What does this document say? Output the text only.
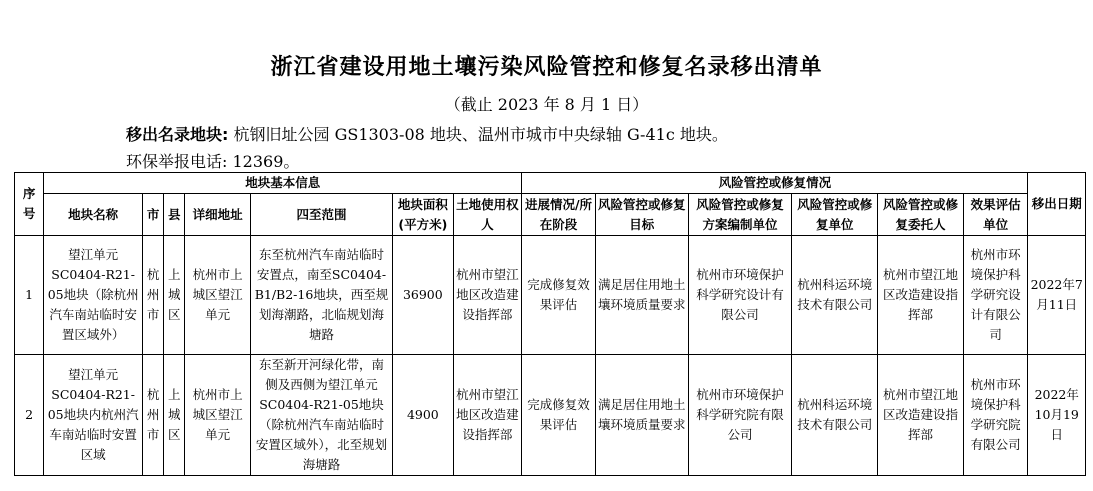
浙江省建设用地土壤污染风险管控和修复名录移出清单
（截止 2023 年 8 月 1 日）
移出名录地块: 杭钢旧址公园 GS1303-08 地块、温州市城市中央绿轴 G-41c 地块。
环保举报电话: 12369。
序号	地块基本信息							风险管控或修复情况						移出日期
	地块名称	市	县	详细地址	四至范围	地块面积(平方米)	土地使用权人	进展情况/所在阶段	风险管控或修复目标	风险管控或修复方案编制单位	风险管控或修复单位	风险管控或修复委托人	效果评估单位	
1	望江单元SC0404-R21-05地块（除杭州汽车南站临时安置区域外）	杭州市	上城区	杭州市上城区望江单元	东至杭州汽车南站临时安置点，南至SC0404-B1/B2-16地块，西至规划海潮路，北临规划海塘路	36900	杭州市望江地区改造建设指挥部	完成修复效果评估	满足居住用地土壤环境质量要求	杭州市环境保护科学研究设计有限公司	杭州科运环境技术有限公司	杭州市望江地区改造建设指挥部	杭州市环境保护科学研究设计有限公司	2022年7月11日
2	望江单元SC0404-R21-05地块内杭州汽车南站临时安置区域	杭州市	上城区	杭州市上城区望江单元	东至新开河绿化带，南侧及西侧为望江单元SC0404-R21-05地块（除杭州汽车南站临时安置区域外），北至规划海塘路	4900	杭州市望江地区改造建设指挥部	完成修复效果评估	满足居住用地土壤环境质量要求	杭州市环境保护科学研究院有限公司	杭州科运环境技术有限公司	杭州市望江地区改造建设指挥部	杭州市环境保护科学研究院有限公司	2022年10月19日
